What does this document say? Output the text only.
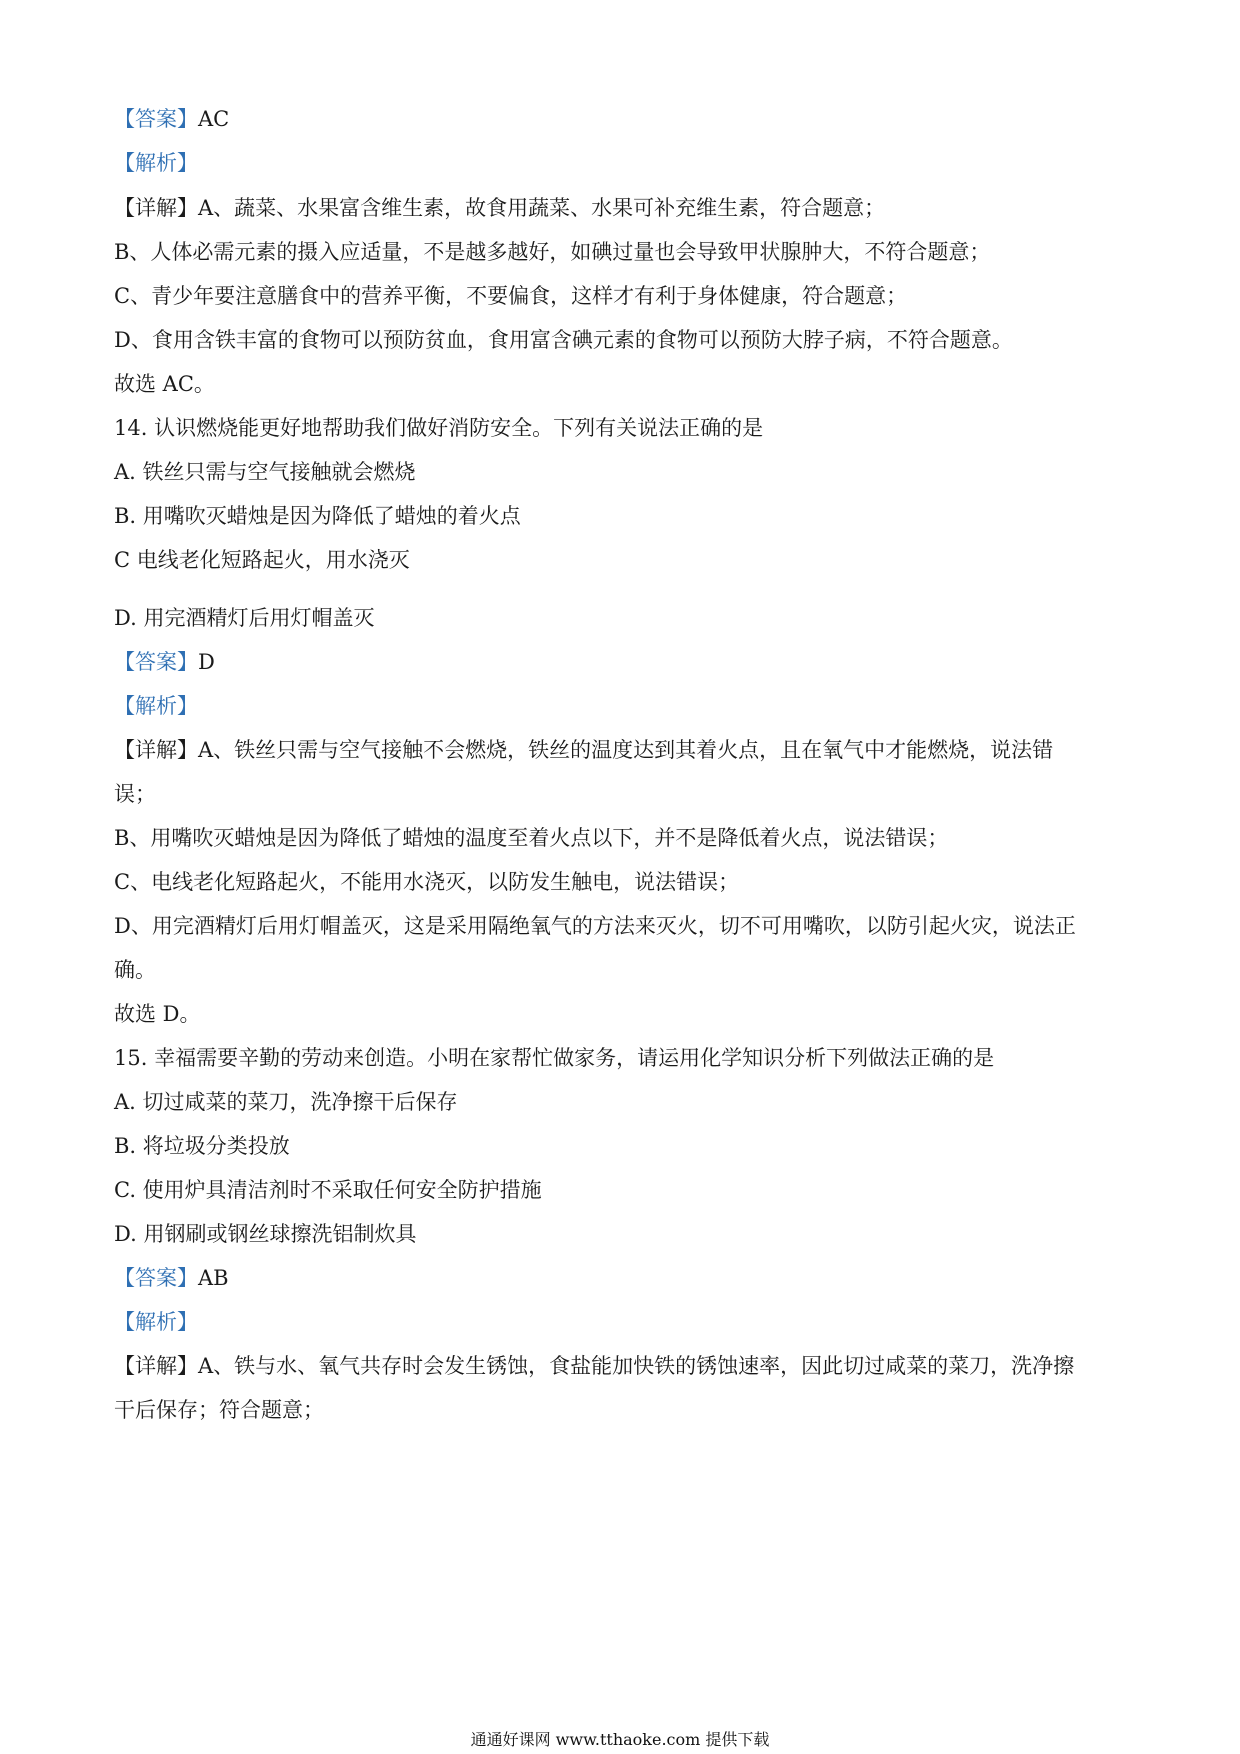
【答案】AC
【解析】
【详解】A、蔬菜、水果富含维生素，故食用蔬菜、水果可补充维生素，符合题意；
B、人体必需元素的摄入应适量，不是越多越好，如碘过量也会导致甲状腺肿大，不符合题意；
C、青少年要注意膳食中的营养平衡，不要偏食，这样才有利于身体健康，符合题意；
D、食用含铁丰富的食物可以预防贫血，食用富含碘元素的食物可以预防大脖子病，不符合题意。
故选 AC。
14. 认识燃烧能更好地帮助我们做好消防安全。下列有关说法正确的是
A. 铁丝只需与空气接触就会燃烧
B. 用嘴吹灭蜡烛是因为降低了蜡烛的着火点
C 电线老化短路起火，用水浇灭
D. 用完酒精灯后用灯帽盖灭
【答案】D
【解析】
【详解】A、铁丝只需与空气接触不会燃烧，铁丝的温度达到其着火点，且在氧气中才能燃烧，说法错
误；
B、用嘴吹灭蜡烛是因为降低了蜡烛的温度至着火点以下，并不是降低着火点，说法错误；
C、电线老化短路起火，不能用水浇灭，以防发生触电，说法错误；
D、用完酒精灯后用灯帽盖灭，这是采用隔绝氧气的方法来灭火，切不可用嘴吹，以防引起火灾，说法正
确。
故选 D。
15. 幸福需要辛勤的劳动来创造。小明在家帮忙做家务，请运用化学知识分析下列做法正确的是
A. 切过咸菜的菜刀，洗净擦干后保存
B. 将垃圾分类投放
C. 使用炉具清洁剂时不采取任何安全防护措施
D. 用钢刷或钢丝球擦洗铝制炊具
【答案】AB
【解析】
【详解】A、铁与水、氧气共存时会发生锈蚀，食盐能加快铁的锈蚀速率，因此切过咸菜的菜刀，洗净擦
干后保存；符合题意；
通通好课网 www.tthaoke.com 提供下载
